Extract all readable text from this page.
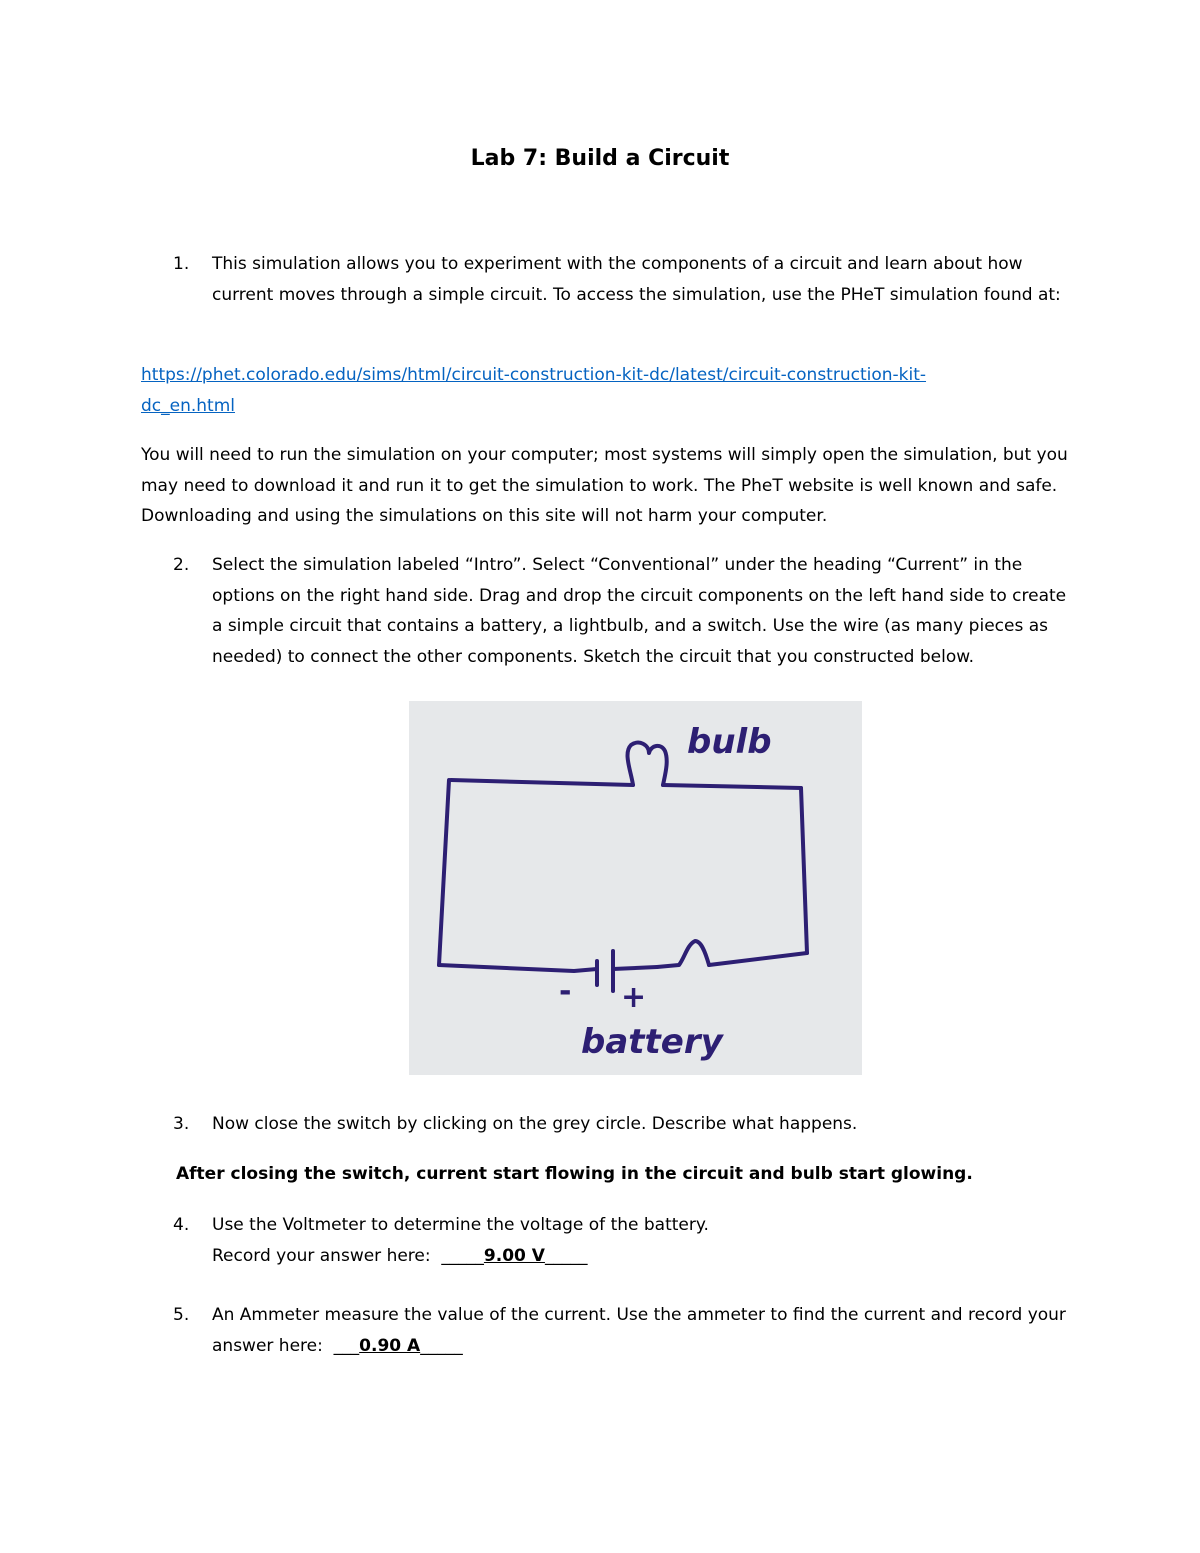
Lab 7: Build a Circuit
1. This simulation allows you to experiment with the components of a circuit and learn about how current moves through a simple circuit. To access the simulation, use the PHeT simulation found at:

https://phet.colorado.edu/sims/html/circuit-construction-kit-dc/latest/circuit-construction-kit-
dc_en.html

You will need to run the simulation on your computer; most systems will simply open the simulation, but you may need to download it and run it to get the simulation to work. The PheT website is well known and safe. Downloading and using the simulations on this site will not harm your computer.

2. Select the simulation labeled “Intro”. Select “Conventional” under the heading “Current” in the options on the right hand side. Drag and drop the circuit components on the left hand side to create a simple circuit that contains a battery, a lightbulb, and a switch. Use the wire (as many pieces as needed) to connect the other components. Sketch the circuit that you constructed below.

bulb
- +
battery
3. Now close the switch by clicking on the grey circle. Describe what happens.

After closing the switch, current start flowing in the circuit and bulb start glowing.

4. Use the Voltmeter to determine the voltage of the battery.
Record your answer here: _____9.00 V_____

5. An Ammeter measure the value of the current. Use the ammeter to find the current and record your answer here: ___0.90 A_____
